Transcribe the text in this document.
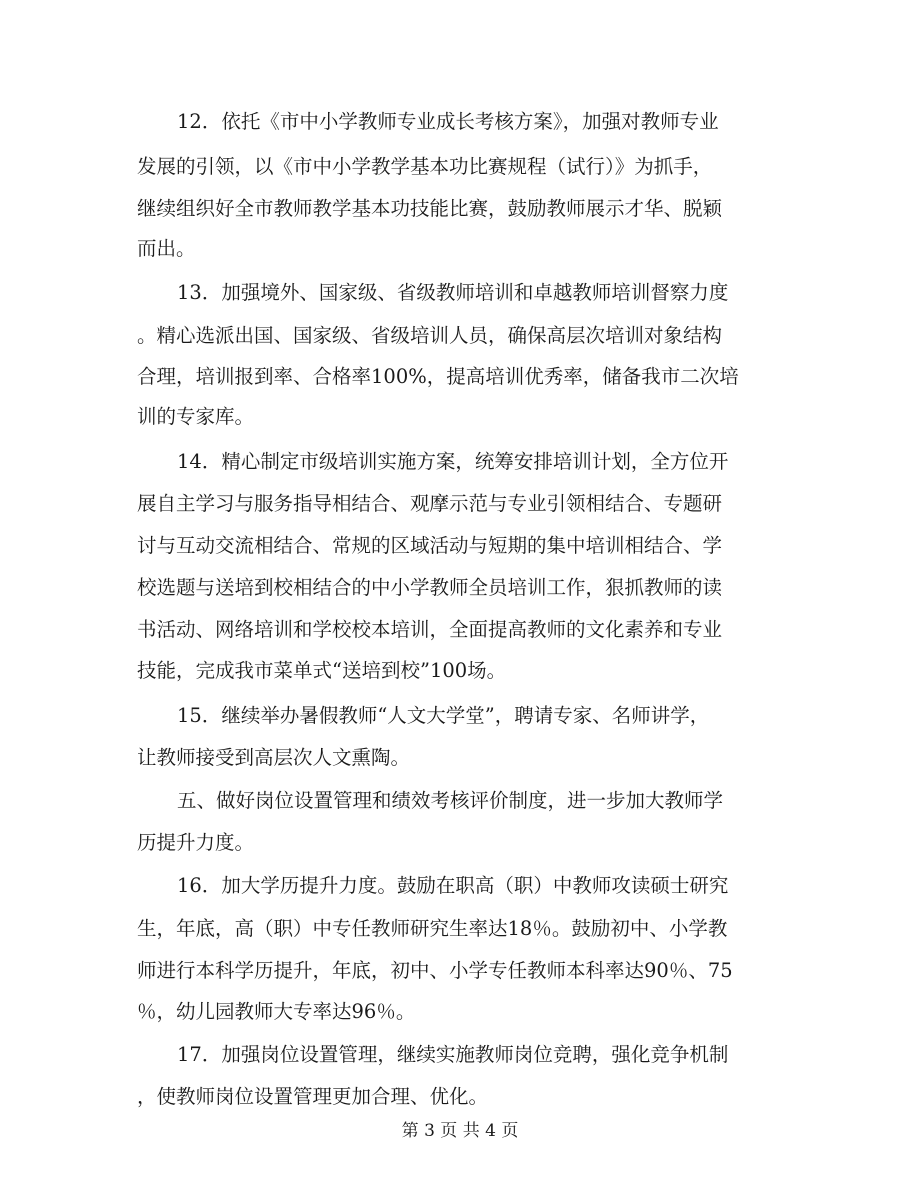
12．依托《市中小学教师专业成长考核方案》，加强对教师专业
发展的引领，以《市中小学教学基本功比赛规程（试行）》为抓手，
继续组织好全市教师教学基本功技能比赛，鼓励教师展示才华、脱颖
而出。
13．加强境外、国家级、省级教师培训和卓越教师培训督察力度
。精心选派出国、国家级、省级培训人员，确保高层次培训对象结构
合理，培训报到率、合格率100%，提高培训优秀率，储备我市二次培
训的专家库。
14．精心制定市级培训实施方案，统筹安排培训计划，全方位开
展自主学习与服务指导相结合、观摩示范与专业引领相结合、专题研
讨与互动交流相结合、常规的区域活动与短期的集中培训相结合、学
校选题与送培到校相结合的中小学教师全员培训工作，狠抓教师的读
书活动、网络培训和学校校本培训，全面提高教师的文化素养和专业
技能，完成我市菜单式“送培到校”100场。
15．继续举办暑假教师“人文大学堂”，聘请专家、名师讲学，
让教师接受到高层次人文熏陶。
五、做好岗位设置管理和绩效考核评价制度，进一步加大教师学
历提升力度。
16．加大学历提升力度。鼓励在职高（职）中教师攻读硕士研究
生，年底，高（职）中专任教师研究生率达18％。鼓励初中、小学教
师进行本科学历提升，年底，初中、小学专任教师本科率达90％、75
％，幼儿园教师大专率达96％。
17．加强岗位设置管理，继续实施教师岗位竞聘，强化竞争机制
，使教师岗位设置管理更加合理、优化。
第 3 页 共 4 页
